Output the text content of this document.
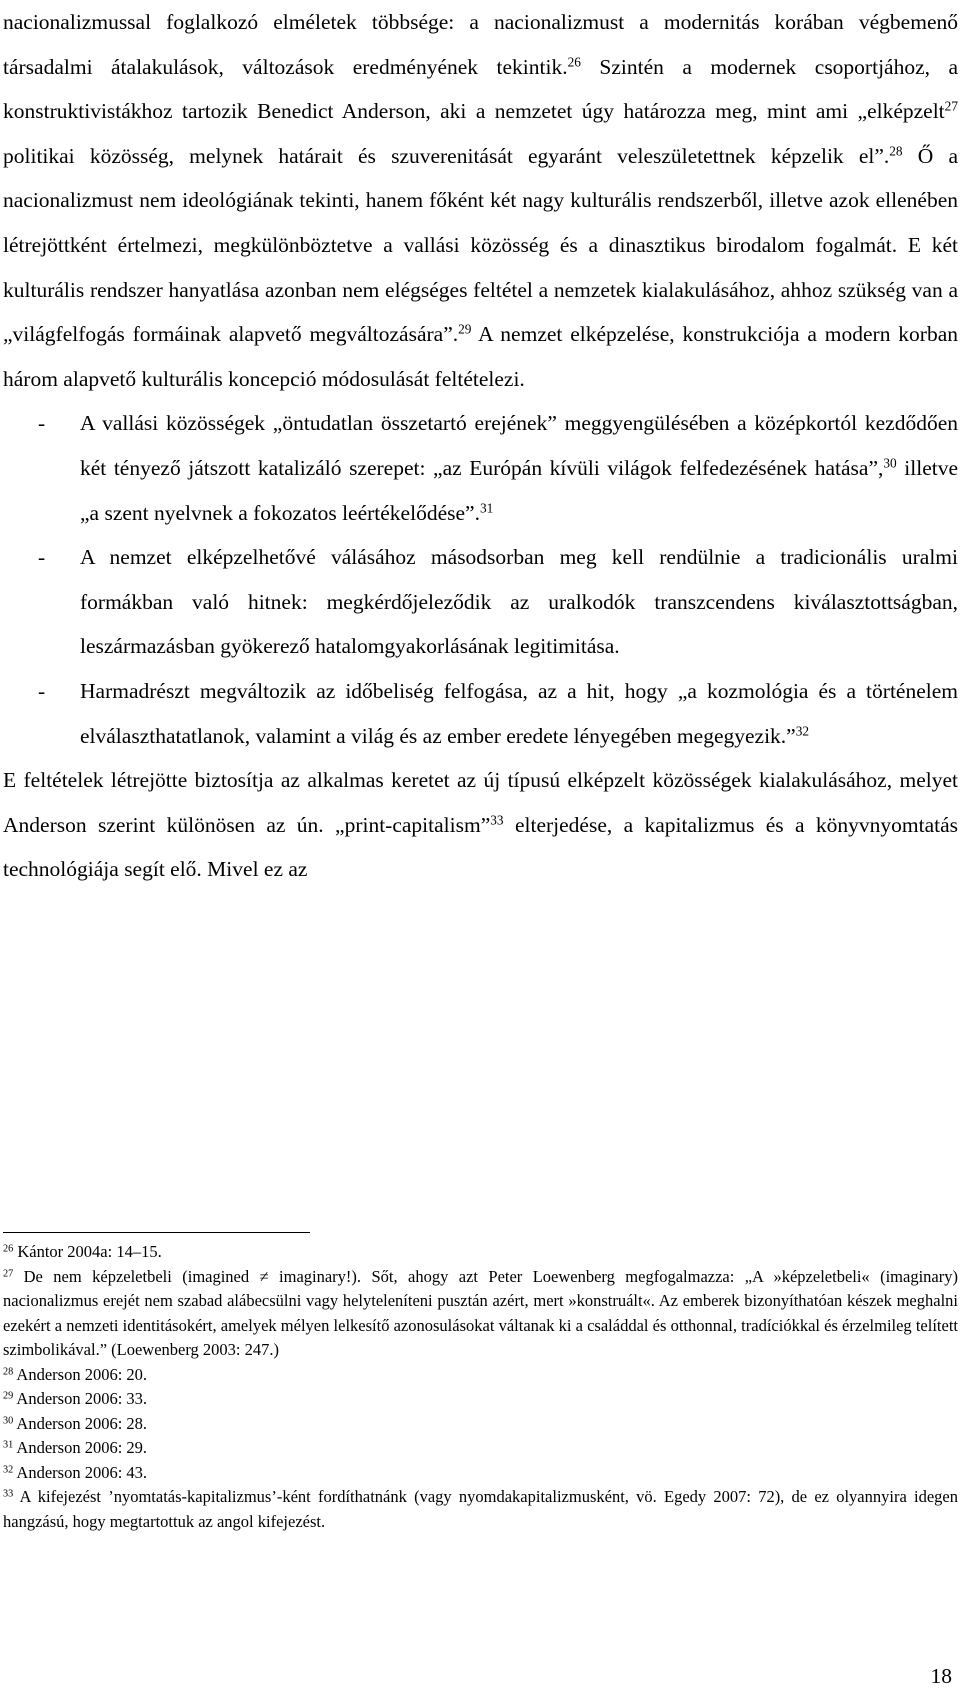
nacionalizmussal foglalkozó elméletek többsége: a nacionalizmust a modernitás korában végbemenő társadalmi átalakulások, változások eredményének tekintik.$^{26}$ Szintén a modernek csoportjához, a konstruktivistákhoz tartozik Benedict Anderson, aki a nemzetet úgy határozza meg, mint ami „elképzelt$^{27}$ politikai közösség, melynek határait és szuverenitását egyaránt veleszületettnek képzelik el”.$^{28}$ Ő a nacionalizmust nem ideológiának tekinti, hanem főként két nagy kulturális rendszerből, illetve azok ellenében létrejöttként értelmezi, megkülönböztetve a vallási közösség és a dinasztikus birodalom fogalmát. E két kulturális rendszer hanyatlása azonban nem elégséges feltétel a nemzetek kialakulásához, ahhoz szükség van a „világfelfogás formáinak alapvető megváltozására”.$^{29}$ A nemzet elképzelése, konstrukciója a modern korban három alapvető kulturális koncepció módosulását feltételezi.

- A vallási közösségek „öntudatlan összetartó erejének” meggyengülésében a középkortól kezdődően két tényező játszott katalizáló szerepet: „az Európán kívüli világok felfedezésének hatása”,$^{30}$ illetve „a szent nyelvnek a fokozatos leértékelődése”.$^{31}$
- A nemzet elképzelhetővé válásához másodsorban meg kell rendülnie a tradicionális uralmi formákban való hitnek: megkérdőjeleződik az uralkodók transzcendens kiválasztottságban, leszármazásban gyökerező hatalomgyakorlásának legitimitása.
- Harmadrészt megváltozik az időbeliség felfogása, az a hit, hogy „a kozmológia és a történelem elválaszthatatlanok, valamint a világ és az ember eredete lényegében megegyezik.”$^{32}$

E feltételek létrejötte biztosítja az alkalmas keretet az új típusú elképzelt közösségek kialakulásához, melyet Anderson szerint különösen az ún. „print-capitalism”$^{33}$ elterjedése, a kapitalizmus és a könyvnyomtatás technológiája segít elő. Mivel ez az

$^{26}$ Kántor 2004a: 14–15.

$^{27}$ De nem képzeletbeli (imagined ≠ imaginary!). Sőt, ahogy azt Peter Loewenberg megfogalmazza: „A »képzeletbeli« (imaginary) nacionalizmus erejét nem szabad alábecsülni vagy helyteleníteni pusztán azért, mert »konstruált«. Az emberek bizonyíthatóan készek meghalni ezekért a nemzeti identitásokért, amelyek mélyen lelkesítő azonosulásokat váltanak ki a családdal és otthonnal, tradíciókkal és érzelmileg telített szimbolikával.” (Loewenberg 2003: 247.)

$^{28}$ Anderson 2006: 20.

$^{29}$ Anderson 2006: 33.

$^{30}$ Anderson 2006: 28.

$^{31}$ Anderson 2006: 29.

$^{32}$ Anderson 2006: 43.

$^{33}$ A kifejezést ’nyomtatás-kapitalizmus’-ként fordíthatnánk (vagy nyomdakapitalizmusként, vö. Egedy 2007: 72), de ez olyannyira idegen hangzású, hogy megtartottuk az angol kifejezést.

18
